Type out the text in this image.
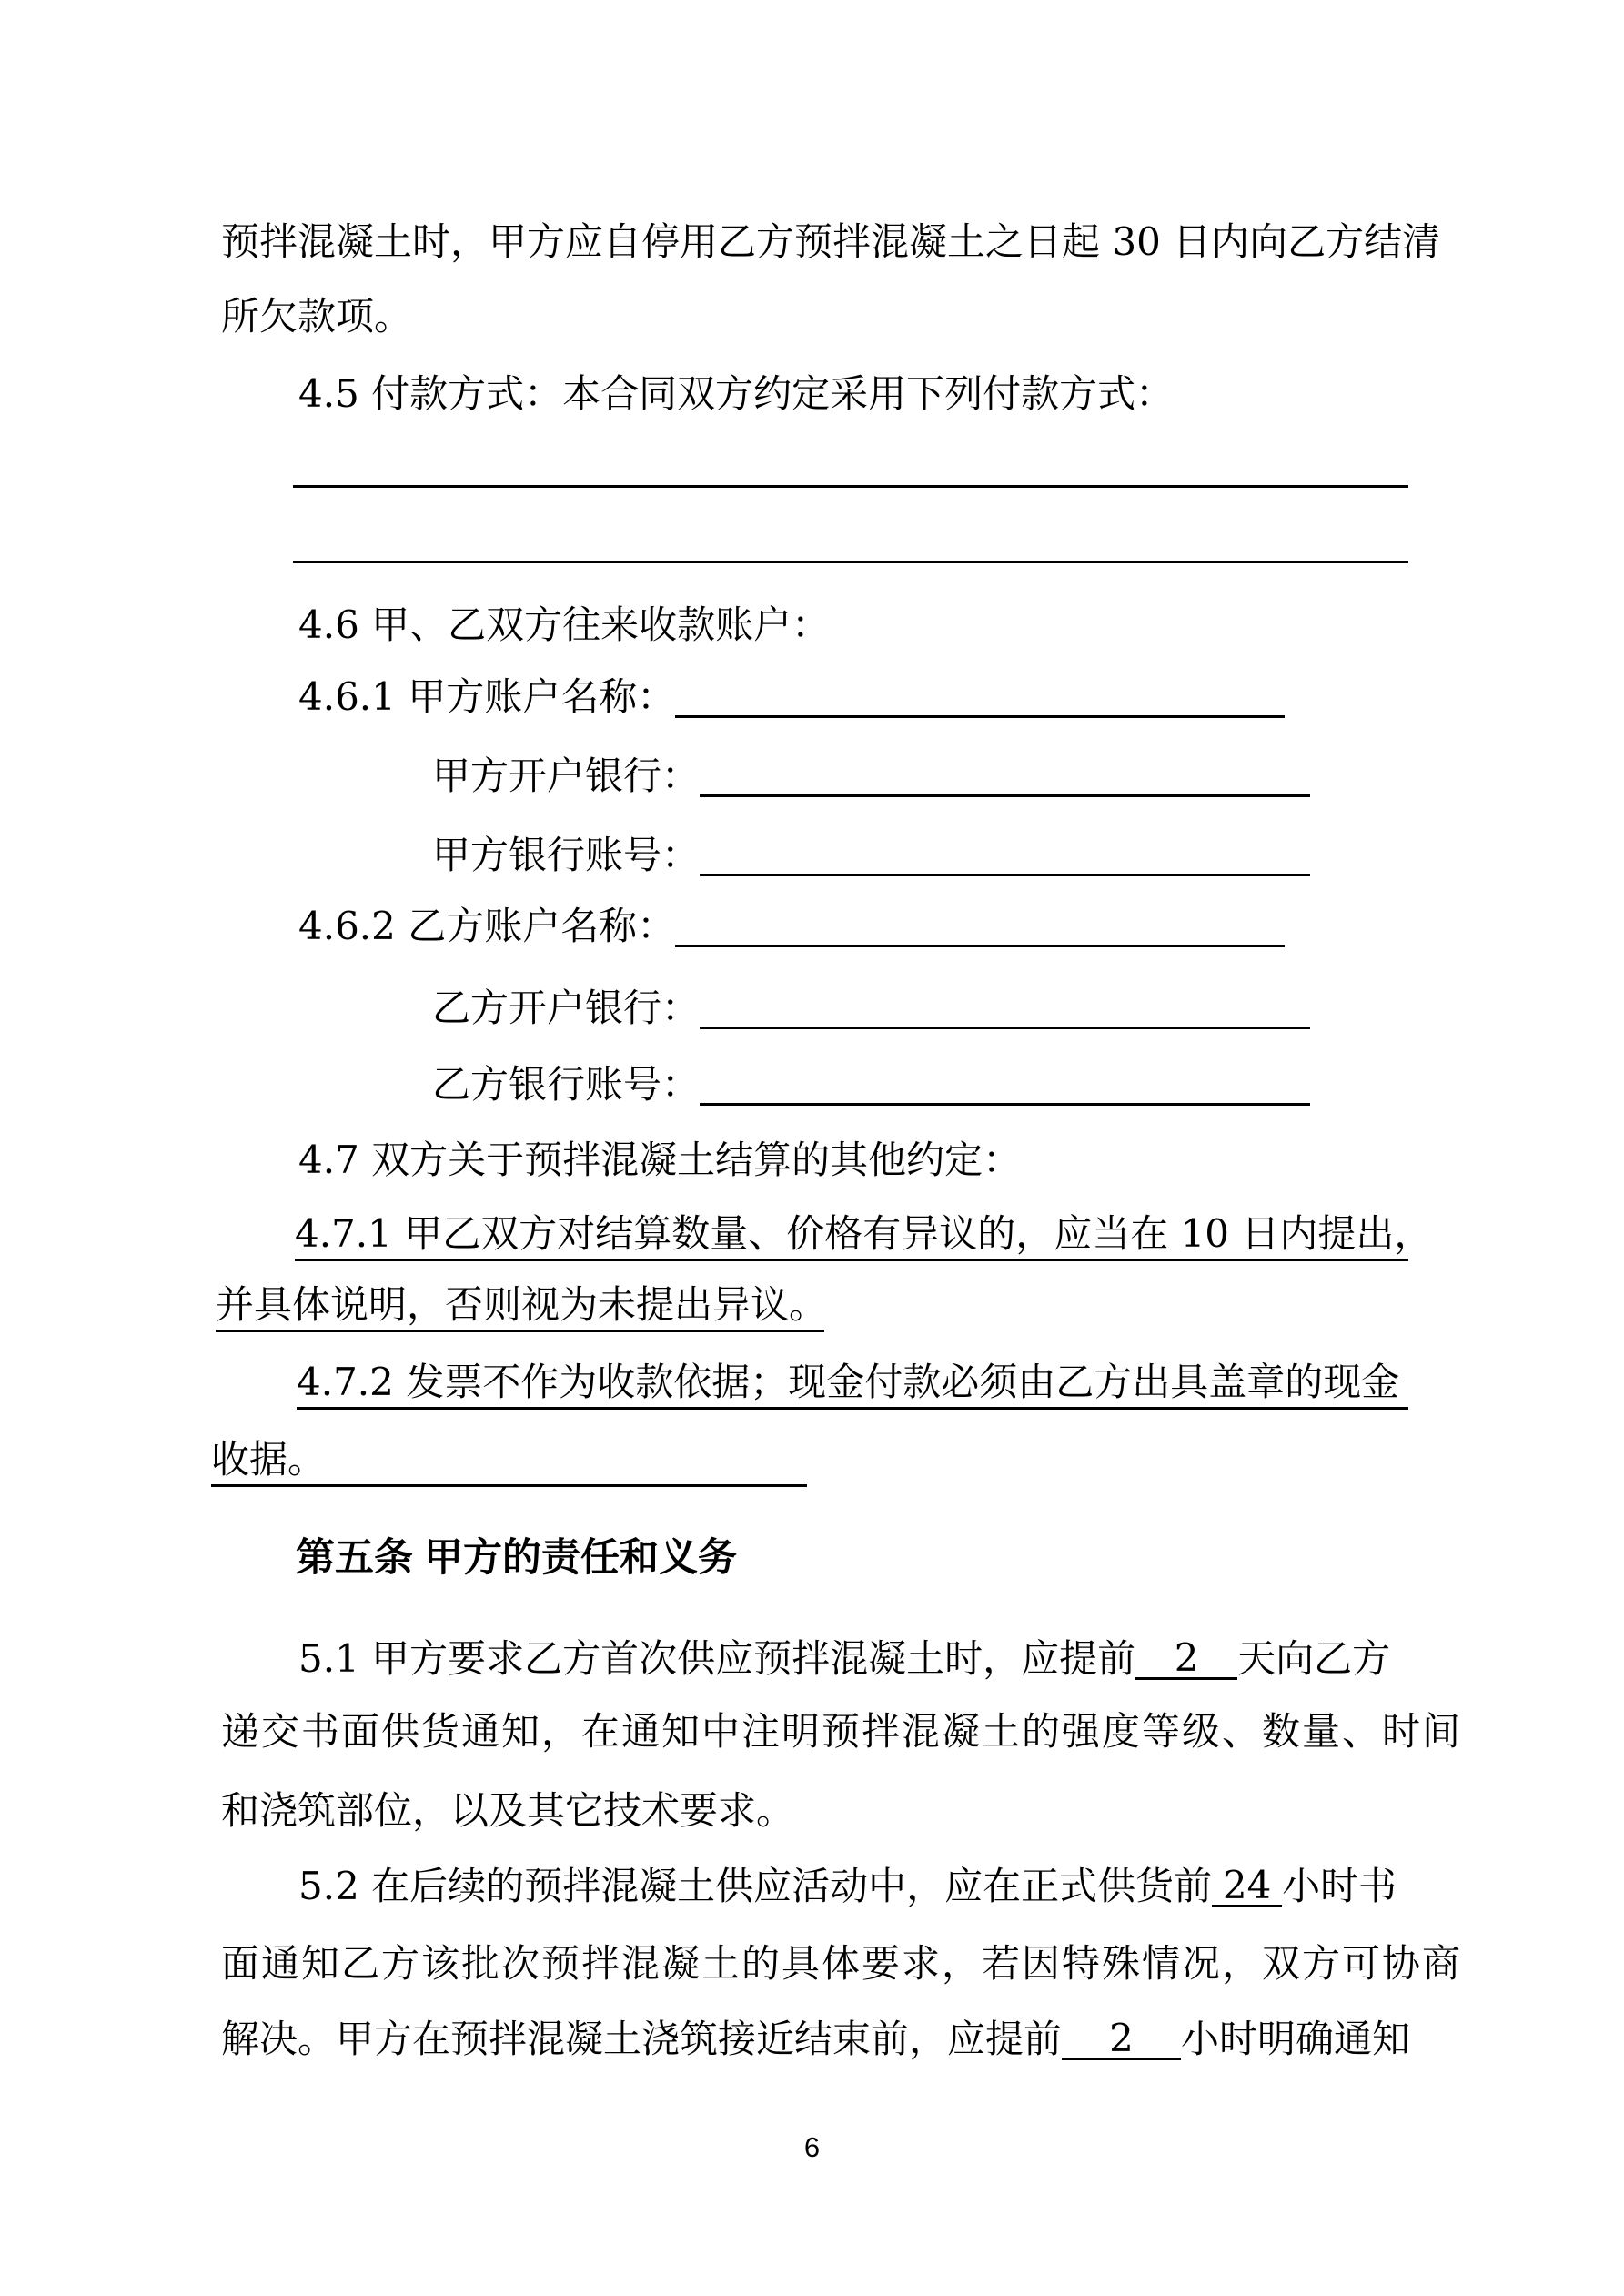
预拌混凝土时，甲方应自停用乙方预拌混凝土之日起 30 日内向乙方结清
所欠款项。
4.5 付款方式：本合同双方约定采用下列付款方式：
4.6 甲、乙双方往来收款账户：
4.6.1 甲方账户名称：
甲方开户银行：
甲方银行账号：
4.6.2 乙方账户名称：
乙方开户银行：
乙方银行账号：
4.7 双方关于预拌混凝土结算的其他约定：
4.7.1 甲乙双方对结算数量、价格有异议的，应当在 10 日内提出，
并具体说明，否则视为未提出异议。
4.7.2 发票不作为收款依据；现金付款必须由乙方出具盖章的现金
收据。
第五条 甲方的责任和义务
5.1 甲方要求乙方首次供应预拌混凝土时，应提前 2 天向乙方
递交书面供货通知，在通知中注明预拌混凝土的强度等级、数量、时间
和浇筑部位，以及其它技术要求。
5.2 在后续的预拌混凝土供应活动中，应在正式供货前 24 小时书
面通知乙方该批次预拌混凝土的具体要求，若因特殊情况，双方可协商
解决。甲方在预拌混凝土浇筑接近结束前，应提前 2 小时明确通知
6
